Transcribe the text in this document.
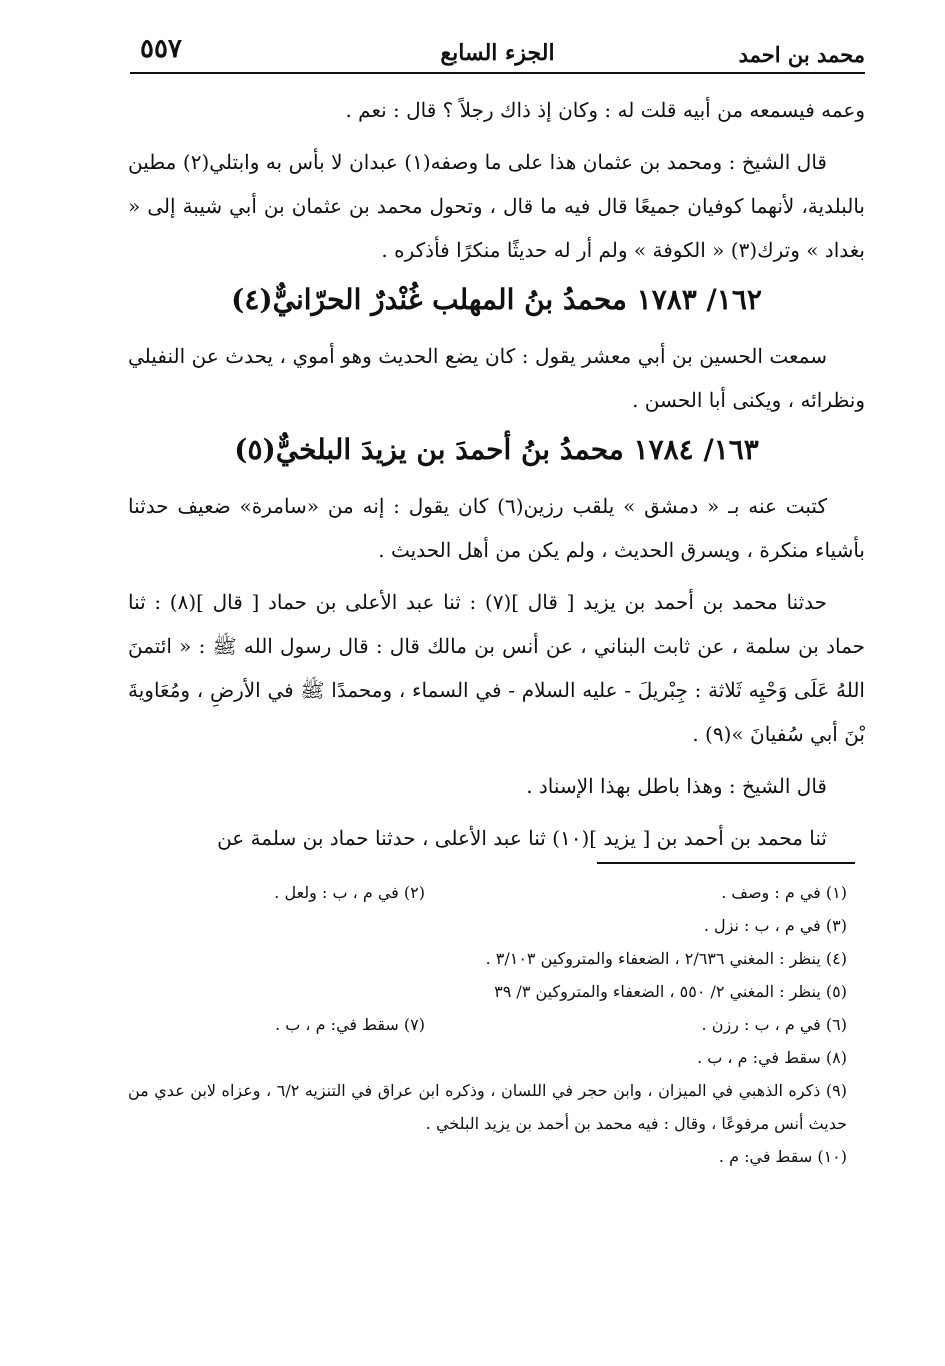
محمد بن احمد
الجزء السابع
٥٥٧

وعمه فيسمعه من أبيه قلت له : وكان إذ ذاك رجلاً ؟ قال : نعم .

قال الشيخ : ومحمد بن عثمان هذا على ما وصفه(١) عبدان لا بأس به وابتلي(٢) مطين بالبلدية، لأنهما كوفيان جميعًا قال فيه ما قال ، وتحول محمد بن عثمان بن أبي شيبة إلى « بغداد » وترك(٣) « الكوفة » ولم أر له حديثًا منكرًا فأذكره .

١٦٢/ ١٧٨٣ محمدُ بنُ المهلب غُنْدرٌ الحرّانيٌّ(٤)

سمعت الحسين بن أبي معشر يقول : كان يضع الحديث وهو أموي ، يحدث عن النفيلي ونظرائه ، ويكنى أبا الحسن .

١٦٣/ ١٧٨٤ محمدُ بنُ أحمدَ بن يزيدَ البلخيٌّ(٥)

كتبت عنه بـ « دمشق » يلقب رزين(٦) كان يقول : إنه من «سامرة» ضعيف حدثنا بأشياء منكرة ، ويسرق الحديث ، ولم يكن من أهل الحديث .

حدثنا محمد بن أحمد بن يزيد [ قال ](٧) : ثنا عبد الأعلى بن حماد [ قال ](٨) : ثنا حماد بن سلمة ، عن ثابت البناني ، عن أنس بن مالك قال : قال رسول الله ﷺ : « ائتمنَ اللهُ عَلَى وَحْيِه ثَلاثة : جِبْريلَ - عليه السلام - في السماء ، ومحمدًا ﷺ في الأرضِ ، ومُعَاويةَ بْنَ أبي سُفيانَ »(٩) .

قال الشيخ : وهذا باطل بهذا الإسناد .

ثنا محمد بن أحمد بن [ يزيد ](١٠) ثنا عبد الأعلى ، حدثنا حماد بن سلمة عن

(١) في م : وصف .
(٢) في م ، ب : ولعل .
(٣) في م ، ب : نزل .
(٤) ينظر : المغني ٢/٦٣٦ ، الضعفاء والمتروكين ٣/١٠٣ .
(٥) ينظر : المغني ٢/ ٥٥٠ ، الضعفاء والمتروكين ٣/ ٣٩
(٦) في م ، ب : رزن .
(٧) سقط في: م ، ب .
(٨) سقط في: م ، ب .
(٩) ذكره الذهبي في الميزان ، وابن حجر في اللسان ، وذكره ابن عراق في التنزيه ٦/٢ ، وعزاه لابن عدي من حديث أنس مرفوعًا ، وقال : فيه محمد بن أحمد بن يزيد البلخي .
(١٠) سقط في: م .
